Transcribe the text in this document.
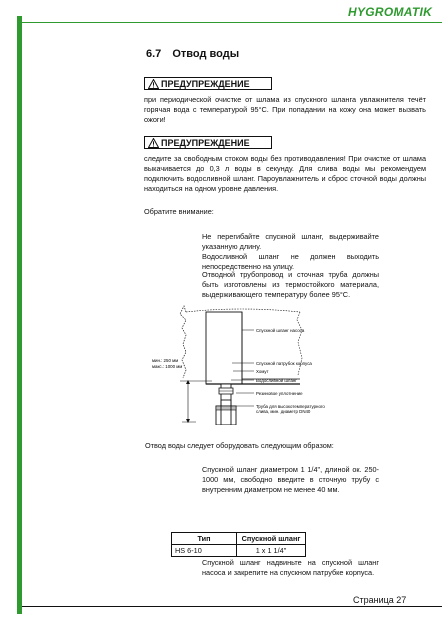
HYGROMATIK
6.7 Отвод воды
ПРЕДУПРЕЖДЕНИЕ
при периодической очистке от шлама из спускного шланга увлажнителя течёт горячая вода с температурой 95°С. При попадании на кожу она может вызвать ожоги!
ПРЕДУПРЕЖДЕНИЕ
следите за свободным стоком воды без противодавления! При очистке от шлама выкачивается до 0,3 л воды в секунду. Для слива воды мы рекомендуем подключить водосливной шланг. Пароувлажнитель и сброс сточной воды должны находиться на одном уровне давления.
Обратите внимание:
Не перегибайте спускной шланг, выдерживайте указанную длину.
Водосливной шланг не должен выходить непосредственно на улицу.
Отводной трубопровод и сточная труба должны быть изготовлены из термостойкого материала, выдерживающего температуру более 95°С.
Спускной шланг насоса
Спускной патрубок корпуса
Хомут
Водосливной шланг
Резиновое уплотнение
Труба для высокотемпературного
слива, мин. диаметр DN40
мин.: 250 мм
макс.: 1000 мм
Отвод воды следует оборудовать следующим образом:
Спускной шланг диаметром 1 1/4", длиной ок. 250-1000 мм, свободно введите в сточную трубу с внутренним диаметром не менее 40 мм.
Тип	Спускной шланг
HS 6-10	1 x 1 1/4"
Спускной шланг надвиньте на спускной шланг насоса и закрепите на спускном патрубке корпуса.
Страница 27
